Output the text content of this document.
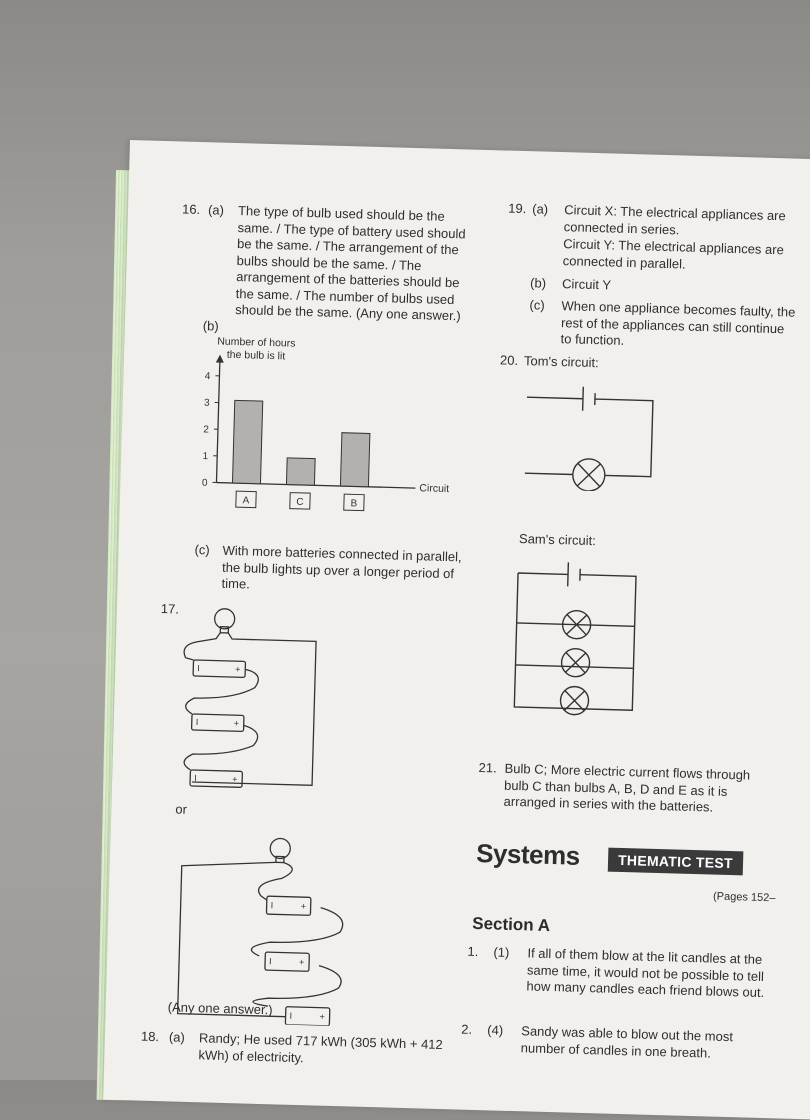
16. (a) The type of bulb used should be the same. / The type of battery used should be the same. / The arrangement of the bulbs should be the same. / The arrangement of the batteries should be the same. / The number of bulbs used should be the same. (Any one answer.)
(b)
Number of hours
the bulb is lit
0
1
2
3
4
Circuit
A	C	B
(c) With more batteries connected in parallel, the bulb lights up over a longer period of time.
17.
I	+
I	+
I	+
or
I	+
I	+
I	+
(Any one answer.)
18. (a) Randy; He used 717 kWh (305 kWh + 412 kWh) of electricity.
19. (a) Circuit X: The electrical appliances are connected in series.
Circuit Y: The electrical appliances are connected in parallel.
(b) Circuit Y
(c) When one appliance becomes faulty, the rest of the appliances can still continue to function.
20. Tom's circuit:
Sam's circuit:
21. Bulb C; More electric current flows through bulb C than bulbs A, B, D and E as it is arranged in series with the batteries.
Systems	THEMATIC TEST
(Pages 152–
Section A
1. (1) If all of them blow at the lit candles at the same time, it would not be possible to tell how many candles each friend blows out.
2. (4) Sandy was able to blow out the most number of candles in one breath.
